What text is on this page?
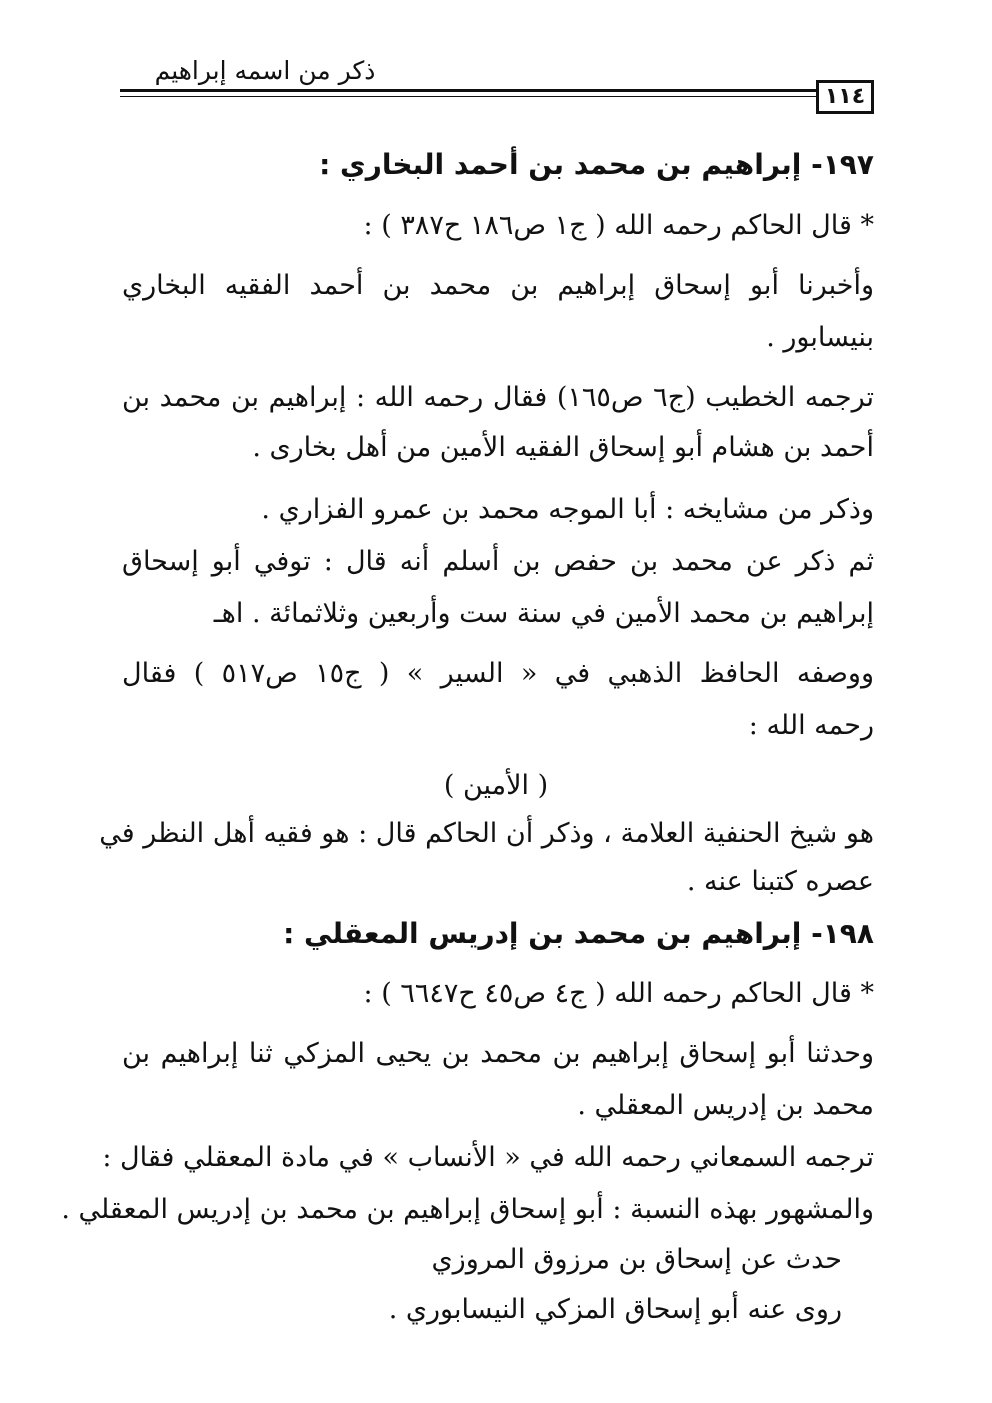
ذكر من اسمه إبراهيم
١١٤
١٩٧- إبراهيم بن محمد بن أحمد البخاري :
* قال الحاكم رحمه الله ( ج١ ص١٨٦ ح٣٨٧ ) :
وأخبرنا أبو إسحاق إبراهيم بن محمد بن أحمد الفقيه البخاري
بنيسابور .
ترجمه الخطيب (ج٦ ص١٦٥) فقال رحمه الله : إبراهيم بن محمد بن
أحمد بن هشام أبو إسحاق الفقيه الأمين من أهل بخارى .
وذكر من مشايخه : أبا الموجه محمد بن عمرو الفزاري .
ثم ذكر عن محمد بن حفص بن أسلم أنه قال : توفي أبو إسحاق
إبراهيم بن محمد الأمين في سنة ست وأربعين وثلاثمائة . اهـ
ووصفه الحافظ الذهبي في « السير » ( ج١٥ ص٥١٧ ) فقال
رحمه الله :
( الأمين )
هو شيخ الحنفية العلامة ، وذكر أن الحاكم قال : هو فقيه أهل النظر في
عصره كتبنا عنه .
١٩٨- إبراهيم بن محمد بن إدريس المعقلي :
* قال الحاكم رحمه الله ( ج٤ ص٤٥ ح٦٦٤٧ ) :
وحدثنا أبو إسحاق إبراهيم بن محمد بن يحيى المزكي ثنا إبراهيم بن
محمد بن إدريس المعقلي .
ترجمه السمعاني رحمه الله في « الأنساب » في مادة المعقلي فقال :
والمشهور بهذه النسبة : أبو إسحاق إبراهيم بن محمد بن إدريس المعقلي .
حدث عن إسحاق بن مرزوق المروزي
روى عنه أبو إسحاق المزكي النيسابوري .
